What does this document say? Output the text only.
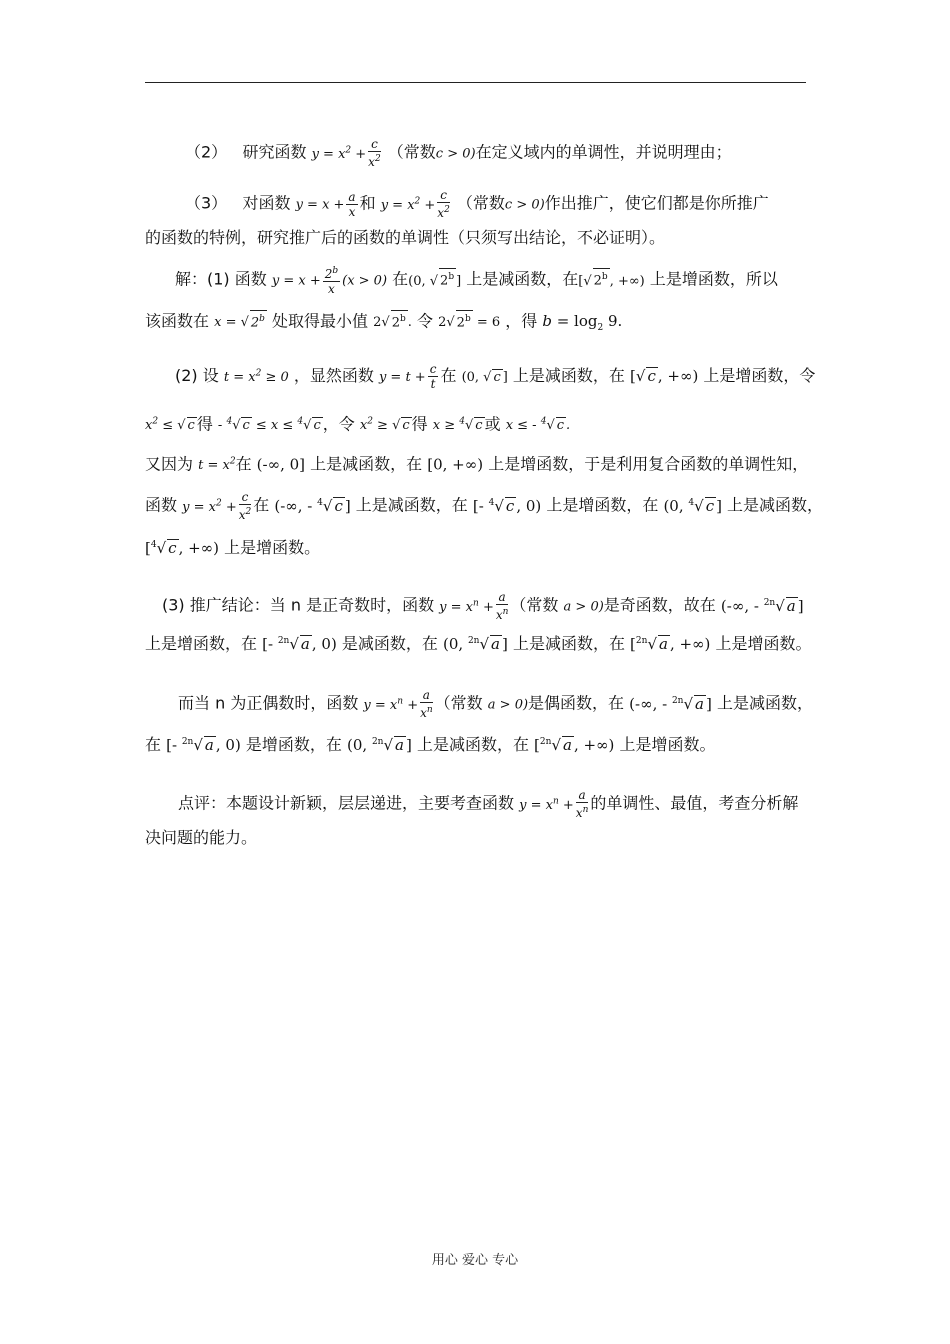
（2） 研究函数 $y = x^2 + \frac{c}{x^2}$ （常数c > 0)在定义域内的单调性，并说明理由；
（3） 对函数 $y = x + \frac{a}{x}$ 和 $y = x^2 + \frac{c}{x^2}$ （常数c > 0)作出推广，使它们都是你所推广
的函数的特例，研究推广后的函数的单调性（只须写出结论，不必证明）。
解：(1) 函数 $y = x + \frac{2^b}{x} (x > 0)$ 在(0, √ 2$^b$ ] 上是减函数，在[√ 2$^b$ , +∞) 上是增函数，所以
该函数在 x = √ 2$^b$ 处取得最小值 2√ 2$^b$ . 令 2√ $2^b = 6$ ，得 $b = \log_2 9$.
(2) 设 $t = x^2 \ge 0$ ，显然函数 $y = t + \frac{c}{t}$ 在 (0, √ c ] 上是减函数，在 [√ c , +∞) 上是增函数，令
$x^2$ ≤ √ c 得 - $^4$√ c ≤ x ≤ $^4$√ c ，令 $x^2$ ≥ √ c 得 x ≥ $^4$√ c 或 x ≤ - $^4$√ c .
又因为 $t = x^2$在 (-∞, 0] 上是减函数，在 [0, +∞) 上是增函数，于是利用复合函数的单调性知，
函数 $y = x^2 + \frac{c}{x^2}$ 在 (-∞, - $^4$√ c ] 上是减函数，在 [- $^4$√ c , 0) 上是增函数，在 (0, $^4$√ c ] 上是减函数，
[$^4$√ c , +∞) 上是增函数。
(3) 推广结论：当 n 是正奇数时，函数 $y = x^n + \frac{a}{x^n}$ （常数 a > 0)是奇函数，故在 (-∞, - $^{2n}$√ a ]
上是增函数，在 [- $^{2n}$√ a , 0) 是减函数，在 (0, $^{2n}$√ a ] 上是减函数，在 [$^{2n}$√ a , +∞) 上是增函数。
而当 n 为正偶数时，函数 $y = x^n + \frac{a}{x^n}$ （常数 a > 0)是偶函数，在 (-∞, - $^{2n}$√ a ] 上是减函数，
在 [- $^{2n}$√ a , 0) 是增函数，在 (0, $^{2n}$√ a ] 上是减函数，在 [$^{2n}$√ a , +∞) 上是增函数。
点评：本题设计新颖，层层递进，主要考查函数 $y = x^n + \frac{a}{x^n}$ 的单调性、最值，考查分析解
决问题的能力。
用心 爱心 专心
